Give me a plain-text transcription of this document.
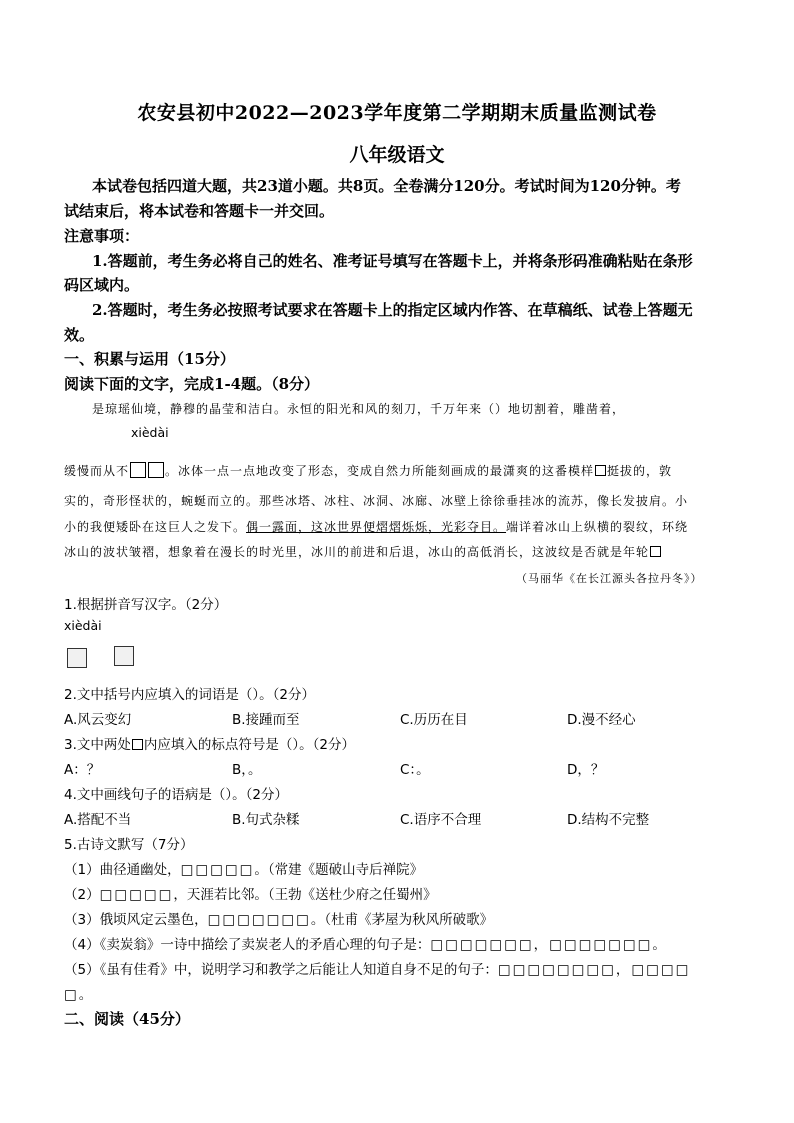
农安县初中2022—2023学年度第二学期期末质量监测试卷
八年级语文
本试卷包括四道大题，共23道小题。共8页。全卷满分120分。考试时间为120分钟。考
试结束后，将本试卷和答题卡一并交回。
注意事项：
1.答题前，考生务必将自己的姓名、准考证号填写在答题卡上，并将条形码准确粘贴在条形
码区域内。
2.答题时，考生务必按照考试要求在答题卡上的指定区域内作答、在草稿纸、试卷上答题无
效。
一、积累与运用（15分）
阅读下面的文字，完成1-4题。（8分）
是琼瑶仙境，静穆的晶莹和洁白。永恒的阳光和风的刻刀，千万年来（）地切割着，雕凿着，
xièdài
缓慢而从不	。冰体一点一点地改变了形态，变成自然力所能刻画成的最潇爽的这番模样 挺拔的，敦
实的，奇形怪状的，蜿蜒而立的。那些冰塔、冰柱、冰洞、冰廊、冰壁上徐徐垂挂冰的流苏，像长发披肩。小
小的我便矮卧在这巨人之发下。偶一露面，这冰世界便熠熠烁烁，光彩夺目。端详着冰山上纵横的裂纹，环绕
冰山的波状皱褶，想象着在漫长的时光里，冰川的前进和后退，冰山的高低消长，这波纹是否就是年轮
（马丽华《在长江源头各拉丹冬》）
1.根据拼音写汉字。（2分）
xièdài
2.文中括号内应填入的词语是（）。（2分）
A.风云变幻	B.接踵而至	C.历历在目	D.漫不经心
3.文中两处 内应填入的标点符号是（）。（2分）
A：？	B，。	C：。	D，？
4.文中画线句子的语病是（）。（2分）
A.搭配不当	B.句式杂糅	C.语序不合理	D.结构不完整
5.古诗文默写（7分）
（1）曲径通幽处，□□□□□。（常建《题破山寺后禅院》
（2）□□□□□，天涯若比邻。（王勃《送杜少府之任蜀州》
（3）俄顷风定云墨色，□□□□□□□。（杜甫《茅屋为秋风所破歌》
（4）《卖炭翁》一诗中描绘了卖炭老人的矛盾心理的句子是：□□□□□□□，□□□□□□□。
（5）《虽有佳肴》中，说明学习和教学之后能让人知道自身不足的句子：□□□□□□□□，□□□□
□。
二、阅读（45分）
